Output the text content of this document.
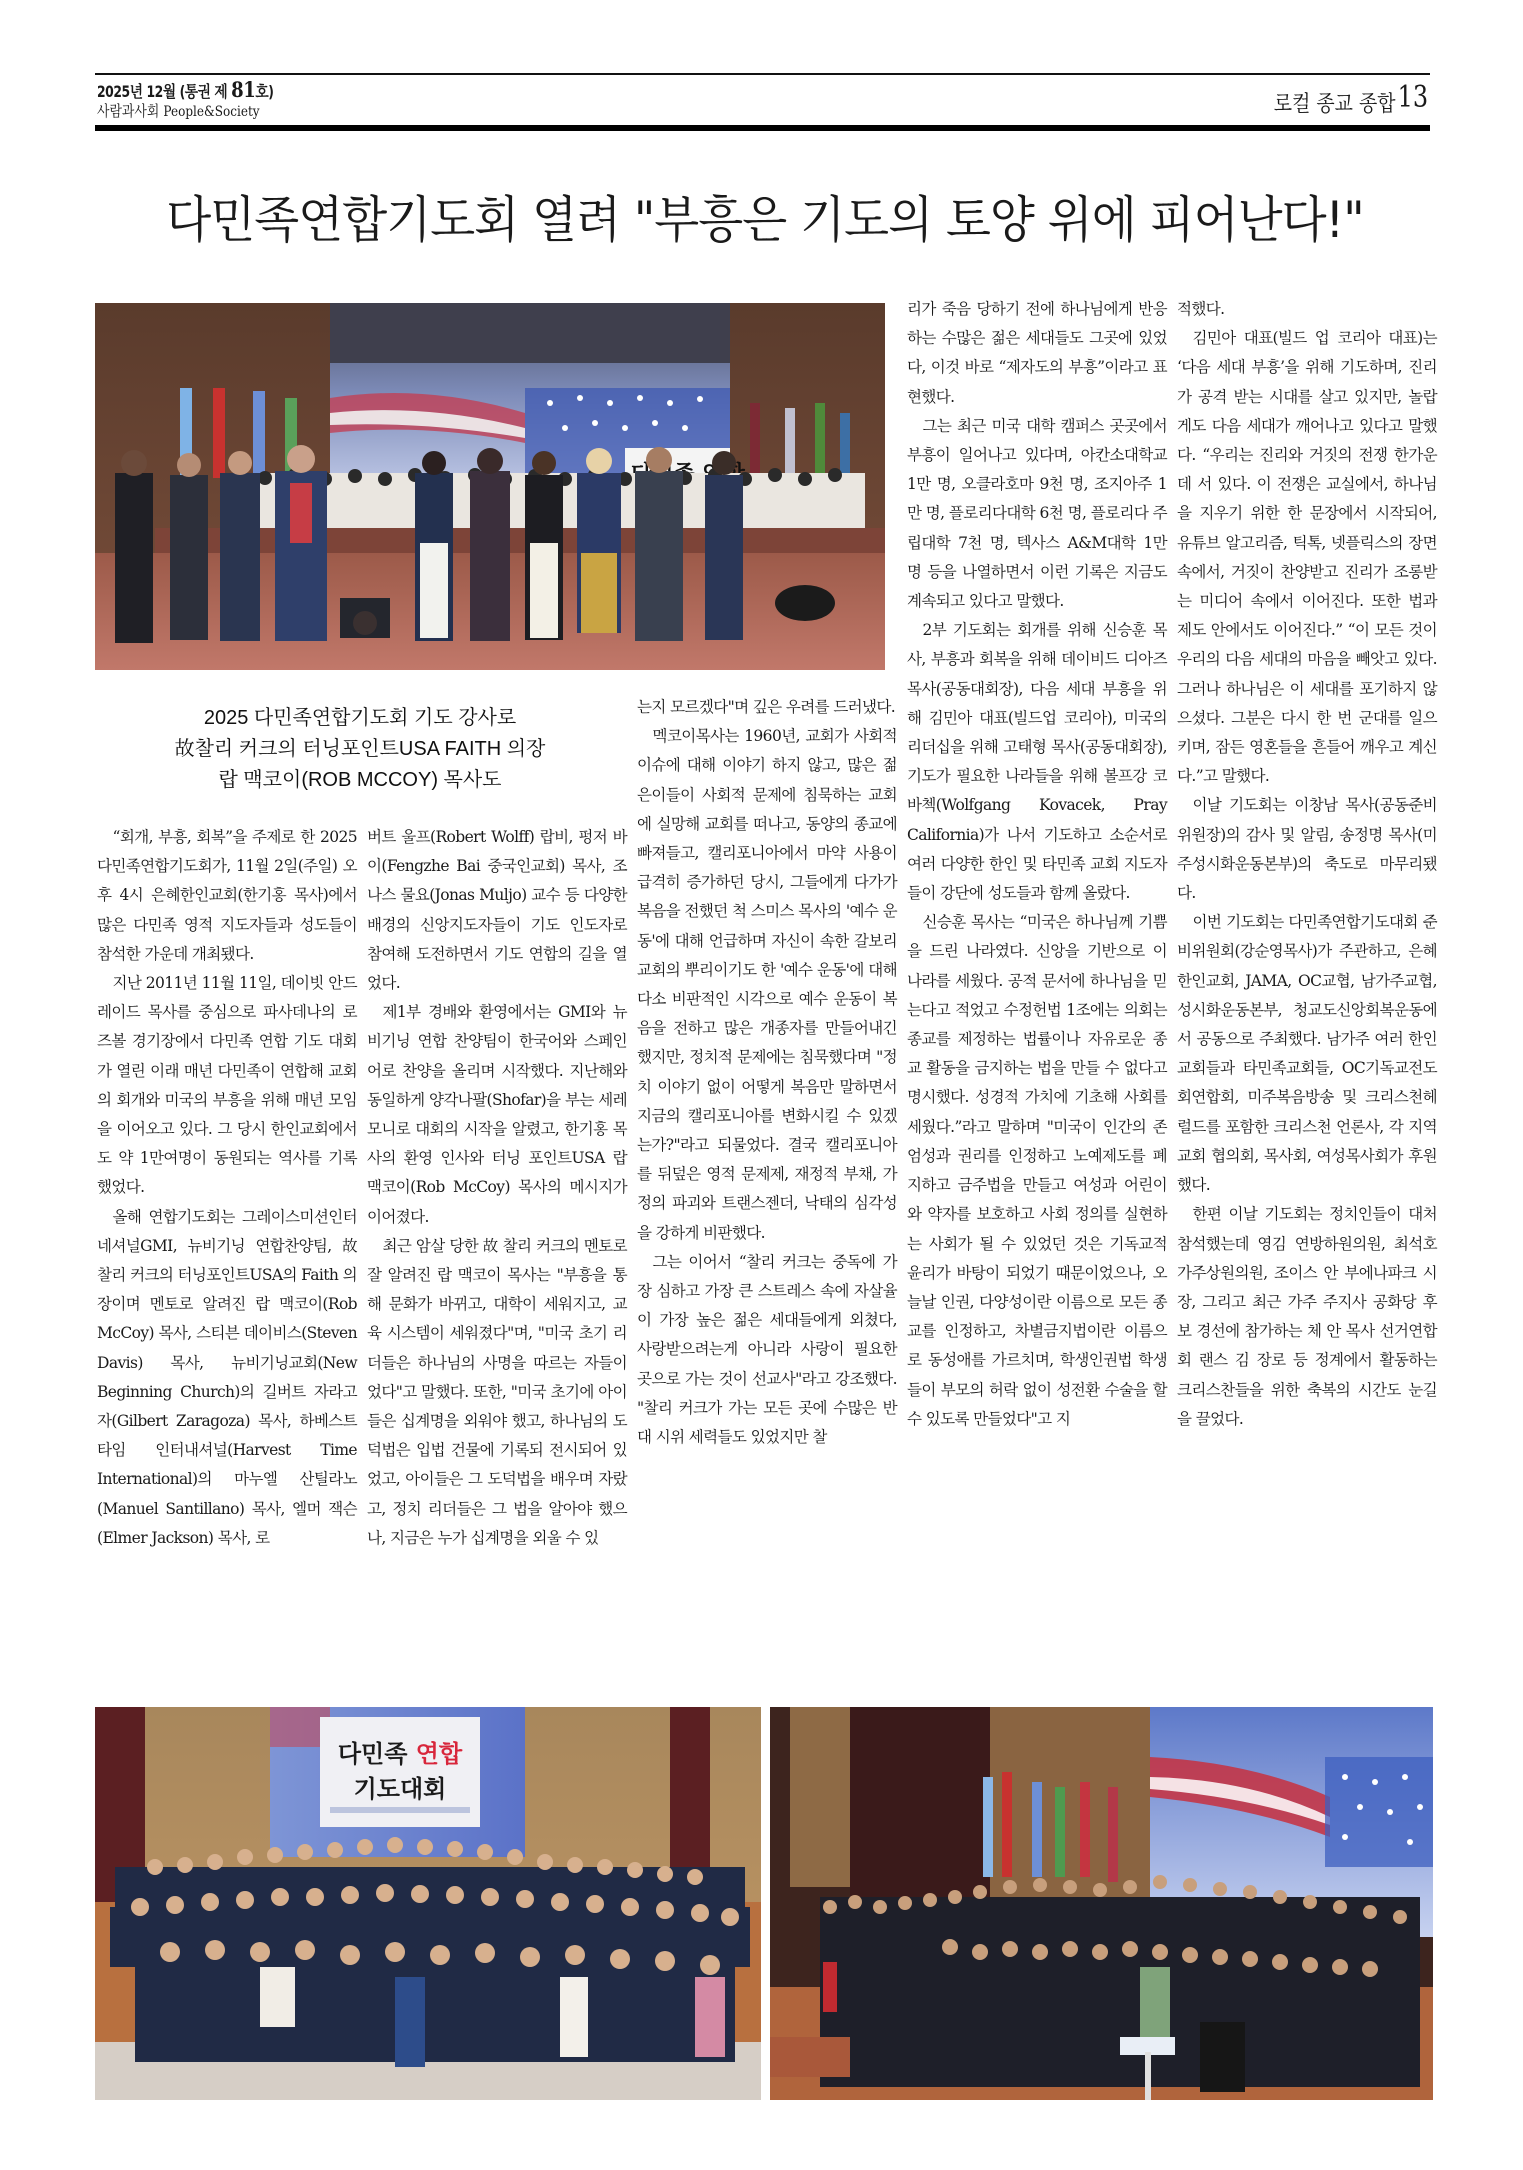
2025년 12월 (통권 제 81호)
사람과사회 People&Society	로컬 종교 종합 13
다민족연합기도회 열려 "부흥은 기도의 토양 위에 피어난다!"
2025 다민족연합기도회 기도 강사로
故찰리 커크의 터닝포인트USA FAITH 의장
랍 맥코이(ROB MCCOY) 목사도

“회개, 부흥, 회복”을 주제로 한 2025 다민족연합기도회가, 11월 2일(주일) 오후 4시 은혜한인교회(한기홍 목사)에서 많은 다민족 영적 지도자들과 성도들이 참석한 가운데 개최됐다.

지난 2011년 11월 11일, 데이빗 안드레이드 목사를 중심으로 파사데나의 로즈볼 경기장에서 다민족 연합 기도 대회가 열린 이래 매년 다민족이 연합해 교회의 회개와 미국의 부흥을 위해 매년 모임을 이어오고 있다. 그 당시 한인교회에서도 약 1만여명이 동원되는 역사를 기록했었다.

올해 연합기도회는 그레이스미션인터네셔널GMI, 뉴비기닝 연합찬양팀, 故 찰리 커크의 터닝포인트USA의 Faith 의장이며 멘토로 알려진 랍 맥코이(Rob McCoy) 목사, 스티븐 데이비스(Steven Davis) 목사, 뉴비기닝교회(New Beginning Church)의 길버트 자라고자(Gilbert Zaragoza) 목사, 하베스트 타임 인터내셔널(Harvest Time International)의 마누엘 산틸라노(Manuel Santillano) 목사, 엘머 잭슨(Elmer Jackson) 목사, 로

버트 울프(Robert Wolff) 랍비, 펑저 바이(Fengzhe Bai 중국인교회) 목사, 조나스 물요(Jonas Muljo) 교수 등 다양한 배경의 신앙지도자들이 기도 인도자로 참여해 도전하면서 기도 연합의 길을 열었다.

제1부 경배와 환영에서는 GMI와 뉴비기닝 연합 찬양팀이 한국어와 스페인어로 찬양을 올리며 시작했다. 지난해와 동일하게 양각나팔(Shofar)을 부는 세레모니로 대회의 시작을 알렸고, 한기홍 목사의 환영 인사와 터닝 포인트USA 랍 맥코이(Rob McCoy) 목사의 메시지가 이어졌다.

최근 암살 당한 故 찰리 커크의 멘토로 잘 알려진 랍 맥코이 목사는 "부흥을 통해 문화가 바뀌고, 대학이 세워지고, 교육 시스템이 세워졌다"며, "미국 초기 리더들은 하나님의 사명을 따르는 자들이었다"고 말했다. 또한, "미국 초기에 아이들은 십계명을 외워야 했고, 하나님의 도덕법은 입법 건물에 기록되 전시되어 있었고, 아이들은 그 도덕법을 배우며 자랐고, 정치 리더들은 그 법을 알아야 했으나, 지금은 누가 십계명을 외울 수 있

는지 모르겠다"며 깊은 우려를 드러냈다.

멕코이목사는 1960년, 교회가 사회적 이슈에 대해 이야기 하지 않고, 많은 젊은이들이 사회적 문제에 침묵하는 교회에 실망해 교회를 떠나고, 동양의 종교에 빠져들고, 캘리포니아에서 마약 사용이 급격히 증가하던 당시, 그들에게 다가가 복음을 전했던 척 스미스 목사의 '예수 운동'에 대해 언급하며 자신이 속한 갈보리교회의 뿌리이기도 한 '예수 운동'에 대해 다소 비판적인 시각으로 예수 운동이 복음을 전하고 많은 개종자를 만들어내긴 했지만, 정치적 문제에는 침묵했다며 "정치 이야기 없이 어떻게 복음만 말하면서 지금의 캘리포니아를 변화시킬 수 있겠는가?"라고 되물었다. 결국 캘리포니아를 뒤덮은 영적 문제제, 재정적 부채, 가정의 파괴와 트랜스젠더, 낙태의 심각성을 강하게 비판했다.

그는 이어서 “찰리 커크는 중독에 가장 심하고 가장 큰 스트레스 속에 자살율이 가장 높은 젊은 세대들에게 외쳤다, 사랑받으려는게 아니라 사랑이 필요한 곳으로 가는 것이 선교사"라고 강조했다. "찰리 커크가 가는 모든 곳에 수많은 반대 시위 세력들도 있었지만 찰

리가 죽음 당하기 전에 하나님에게 반응하는 수많은 젊은 세대들도 그곳에 있었다, 이것 바로 “제자도의 부흥”이라고 표현했다.

그는 최근 미국 대학 캠퍼스 곳곳에서 부흥이 일어나고 있다며, 아칸소대학교 1만 명, 오클라호마 9천 명, 조지아주 1만 명, 플로리다대학 6천 명, 플로리다 주립대학 7천 명, 텍사스 A&M대학 1만 명 등을 나열하면서 이런 기록은 지금도 계속되고 있다고 말했다.

2부 기도회는 회개를 위해 신승훈 목사, 부흥과 회복을 위해 데이비드 디아즈 목사(공동대회장), 다음 세대 부흥을 위해 김민아 대표(빌드업 코리아), 미국의 리더십을 위해 고태형 목사(공동대회장), 기도가 필요한 나라들을 위해 볼프강 코바첵(Wolfgang Kovacek, Pray California)가 나서 기도하고 소순서로 여러 다양한 한인 및 타민족 교회 지도자들이 강단에 성도들과 함께 올랐다.

신승훈 목사는 “미국은 하나님께 기쁨을 드린 나라였다. 신앙을 기반으로 이 나라를 세웠다. 공적 문서에 하나님을 믿는다고 적었고 수정헌법 1조에는 의회는 종교를 제정하는 법률이나 자유로운 종교 활동을 금지하는 법을 만들 수 없다고 명시했다. 성경적 가치에 기초해 사회를 세웠다.”라고 말하며 "미국이 인간의 존엄성과 권리를 인정하고 노예제도를 폐지하고 금주법을 만들고 여성과 어린이와 약자를 보호하고 사회 정의를 실현하는 사회가 될 수 있었던 것은 기독교적 윤리가 바탕이 되었기 때문이었으나, 오늘날 인권, 다양성이란 이름으로 모든 종교를 인정하고, 차별금지법이란 이름으로 동성애를 가르치며, 학생인권법 학생들이 부모의 허락 없이 성전환 수술을 할 수 있도록 만들었다"고 지

적했다.

김민아 대표(빌드 업 코리아 대표)는 ‘다음 세대 부흥’을 위해 기도하며, 진리가 공격 받는 시대를 살고 있지만, 놀랍게도 다음 세대가 깨어나고 있다고 말했다. “우리는 진리와 거짓의 전쟁 한가운데 서 있다. 이 전쟁은 교실에서, 하나님을 지우기 위한 한 문장에서 시작되어, 유튜브 알고리즘, 틱톡, 넷플릭스의 장면 속에서, 거짓이 찬양받고 진리가 조롱받는 미디어 속에서 이어진다. 또한 법과 제도 안에서도 이어진다.” “이 모든 것이 우리의 다음 세대의 마음을 빼앗고 있다. 그러나 하나님은 이 세대를 포기하지 않으셨다. 그분은 다시 한 번 군대를 일으키며, 잠든 영혼들을 흔들어 깨우고 계신다.”고 말했다.

이날 기도회는 이창남 목사(공동준비위원장)의 감사 및 알림, 송정명 목사(미주성시화운동본부)의 축도로 마무리됐다.

이번 기도회는 다민족연합기도대회 준비위원회(강순영목사)가 주관하고, 은혜한인교회, JAMA, OC교협, 남가주교협, 성시화운동본부, 청교도신앙회복운동에서 공동으로 주최했다. 남가주 여러 한인교회들과 타민족교회들, OC기독교전도회연합회, 미주복음방송 및 크리스천헤럴드를 포함한 크리스천 언론사, 각 지역 교회 협의회, 목사회, 여성목사회가 후원했다.

한편 이날 기도회는 정치인들이 대처 참석했는데 영김 연방하원의원, 최석호 가주상원의원, 조이스 안 부에나파크 시장, 그리고 최근 가주 주지사 공화당 후보 경선에 참가하는 체 안 목사 선거연합회 랜스 김 장로 등 정계에서 활동하는 크리스찬들을 위한 축복의 시간도 눈길을 끌었다.

다민족 연합
기도대회
